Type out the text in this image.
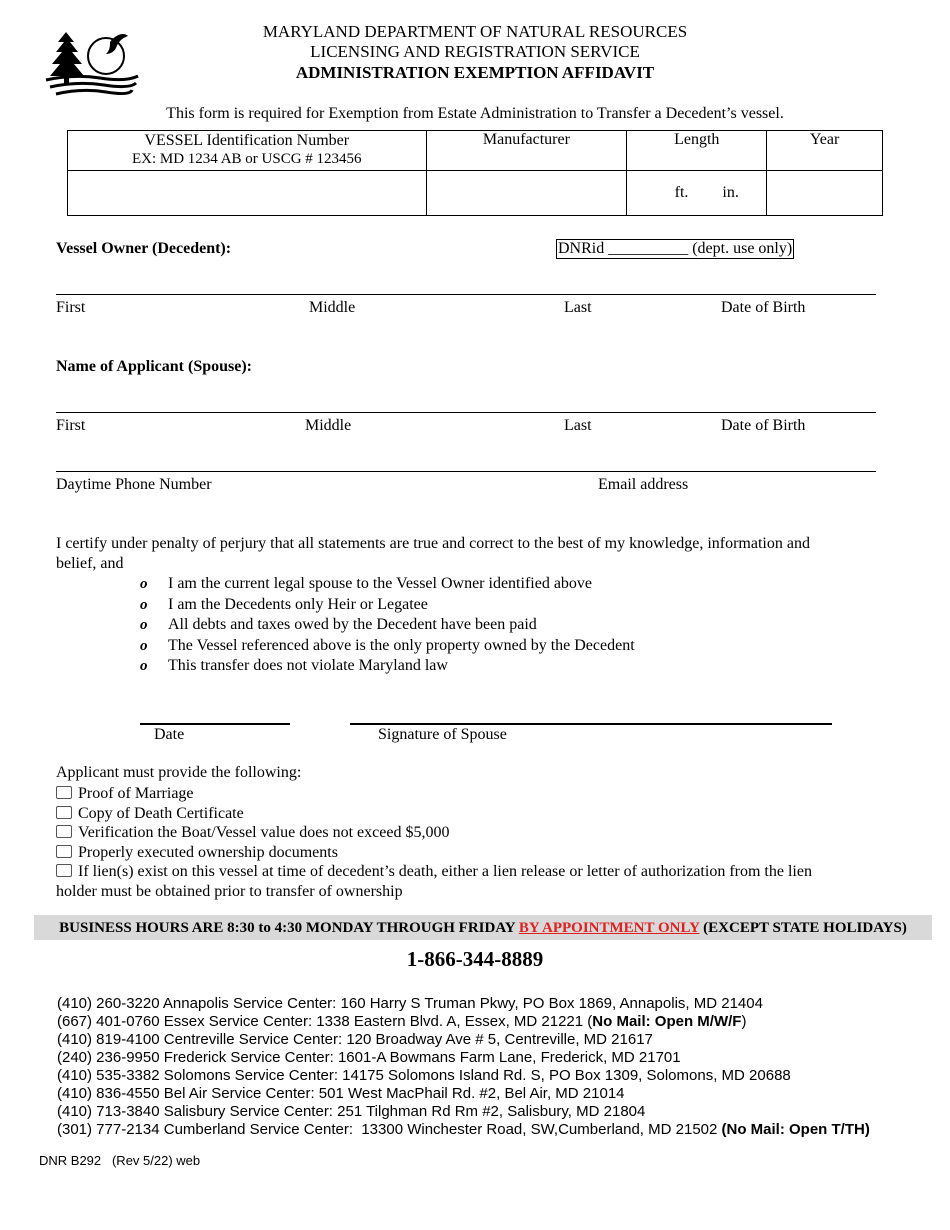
MARYLAND DEPARTMENT OF NATURAL RESOURCES
LICENSING AND REGISTRATION SERVICE
ADMINISTRATION EXEMPTION AFFIDAVIT
This form is required for Exemption from Estate Administration to Transfer a Decedent’s vessel.
VESSEL Identification Number
EX: MD 1234 AB or USCG # 123456	Manufacturer	Length	Year
		ft. in.	
Vessel Owner (Decedent):	DNRid __________ (dept. use only)
First	Middle	Last	Date of Birth
Name of Applicant (Spouse):
First	Middle	Last	Date of Birth
Daytime Phone Number	Email address
I certify under penalty of perjury that all statements are true and correct to the best of my knowledge, information and
belief, and
o I am the current legal spouse to the Vessel Owner identified above
o I am the Decedents only Heir or Legatee
o All debts and taxes owed by the Decedent have been paid
o The Vessel referenced above is the only property owned by the Decedent
o This transfer does not violate Maryland law
Date	Signature of Spouse
Applicant must provide the following:
Proof of Marriage
Copy of Death Certificate
Verification the Boat/Vessel value does not exceed $5,000
Properly executed ownership documents
If lien(s) exist on this vessel at time of decedent’s death, either a lien release or letter of authorization from the lien
holder must be obtained prior to transfer of ownership
BUSINESS HOURS ARE 8:30 to 4:30 MONDAY THROUGH FRIDAY BY APPOINTMENT ONLY (EXCEPT STATE HOLIDAYS)
1-866-344-8889
(410) 260-3220 Annapolis Service Center: 160 Harry S Truman Pkwy, PO Box 1869, Annapolis, MD 21404
(667) 401-0760 Essex Service Center: 1338 Eastern Blvd. A, Essex, MD 21221 (No Mail: Open M/W/F)
(410) 819-4100 Centreville Service Center: 120 Broadway Ave # 5, Centreville, MD 21617
(240) 236-9950 Frederick Service Center: 1601-A Bowmans Farm Lane, Frederick, MD 21701
(410) 535-3382 Solomons Service Center: 14175 Solomons Island Rd. S, PO Box 1309, Solomons, MD 20688
(410) 836-4550 Bel Air Service Center: 501 West MacPhail Rd. #2, Bel Air, MD 21014
(410) 713-3840 Salisbury Service Center: 251 Tilghman Rd Rm #2, Salisbury, MD 21804
(301) 777-2134 Cumberland Service Center:  13300 Winchester Road, SW,Cumberland, MD 21502 (No Mail: Open T/TH)
DNR B292   (Rev 5/22) web
